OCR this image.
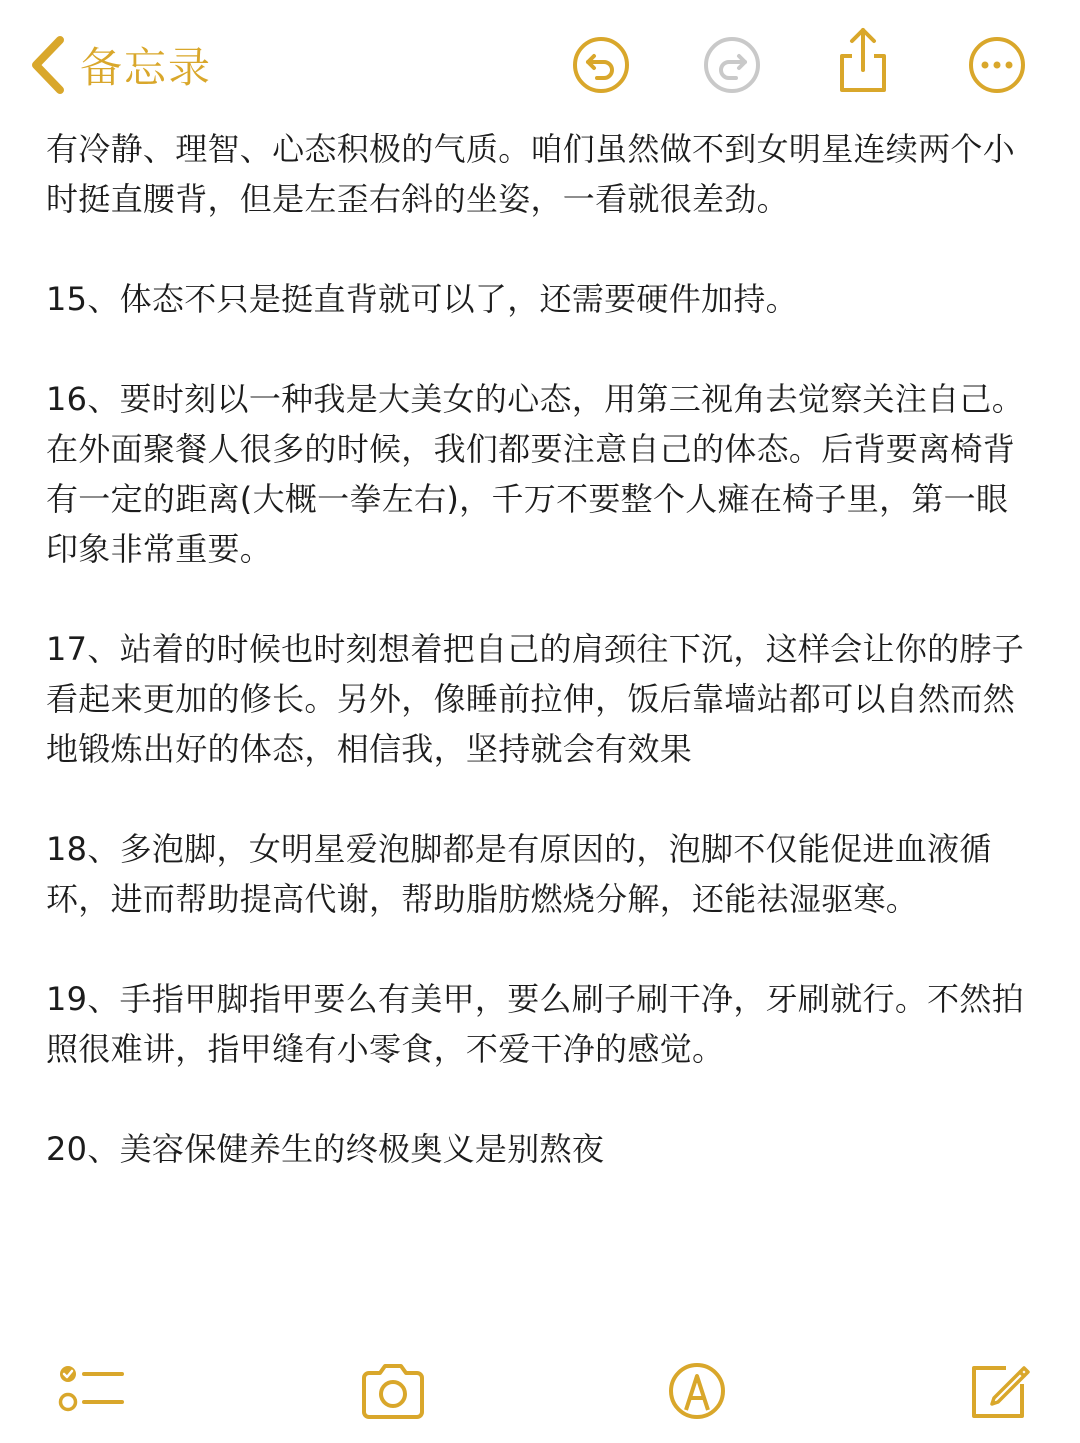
备忘录

有冷静、理智、心态积极的气质。咱们虽然做不到女明星连续两个小时挺直腰背，但是左歪右斜的坐姿，一看就很差劲。

15、体态不只是挺直背就可以了，还需要硬件加持。

16、要时刻以一种我是大美女的心态，用第三视角去觉察关注自己。在外面聚餐人很多的时候，我们都要注意自己的体态。后背要离椅背有一定的距离(大概一拳左右)，千万不要整个人瘫在椅子里，第一眼印象非常重要。

17、站着的时候也时刻想着把自己的肩颈往下沉，这样会让你的脖子看起来更加的修长。另外，像睡前拉伸，饭后靠墙站都可以自然而然地锻炼出好的体态，相信我，坚持就会有效果

18、多泡脚，女明星爱泡脚都是有原因的，泡脚不仅能促进血液循环，进而帮助提高代谢，帮助脂肪燃烧分解，还能祛湿驱寒。

19、手指甲脚指甲要么有美甲，要么刷子刷干净，牙刷就行。不然拍照很难讲，指甲缝有小零食，不爱干净的感觉。

20、美容保健养生的终极奥义是别熬夜
